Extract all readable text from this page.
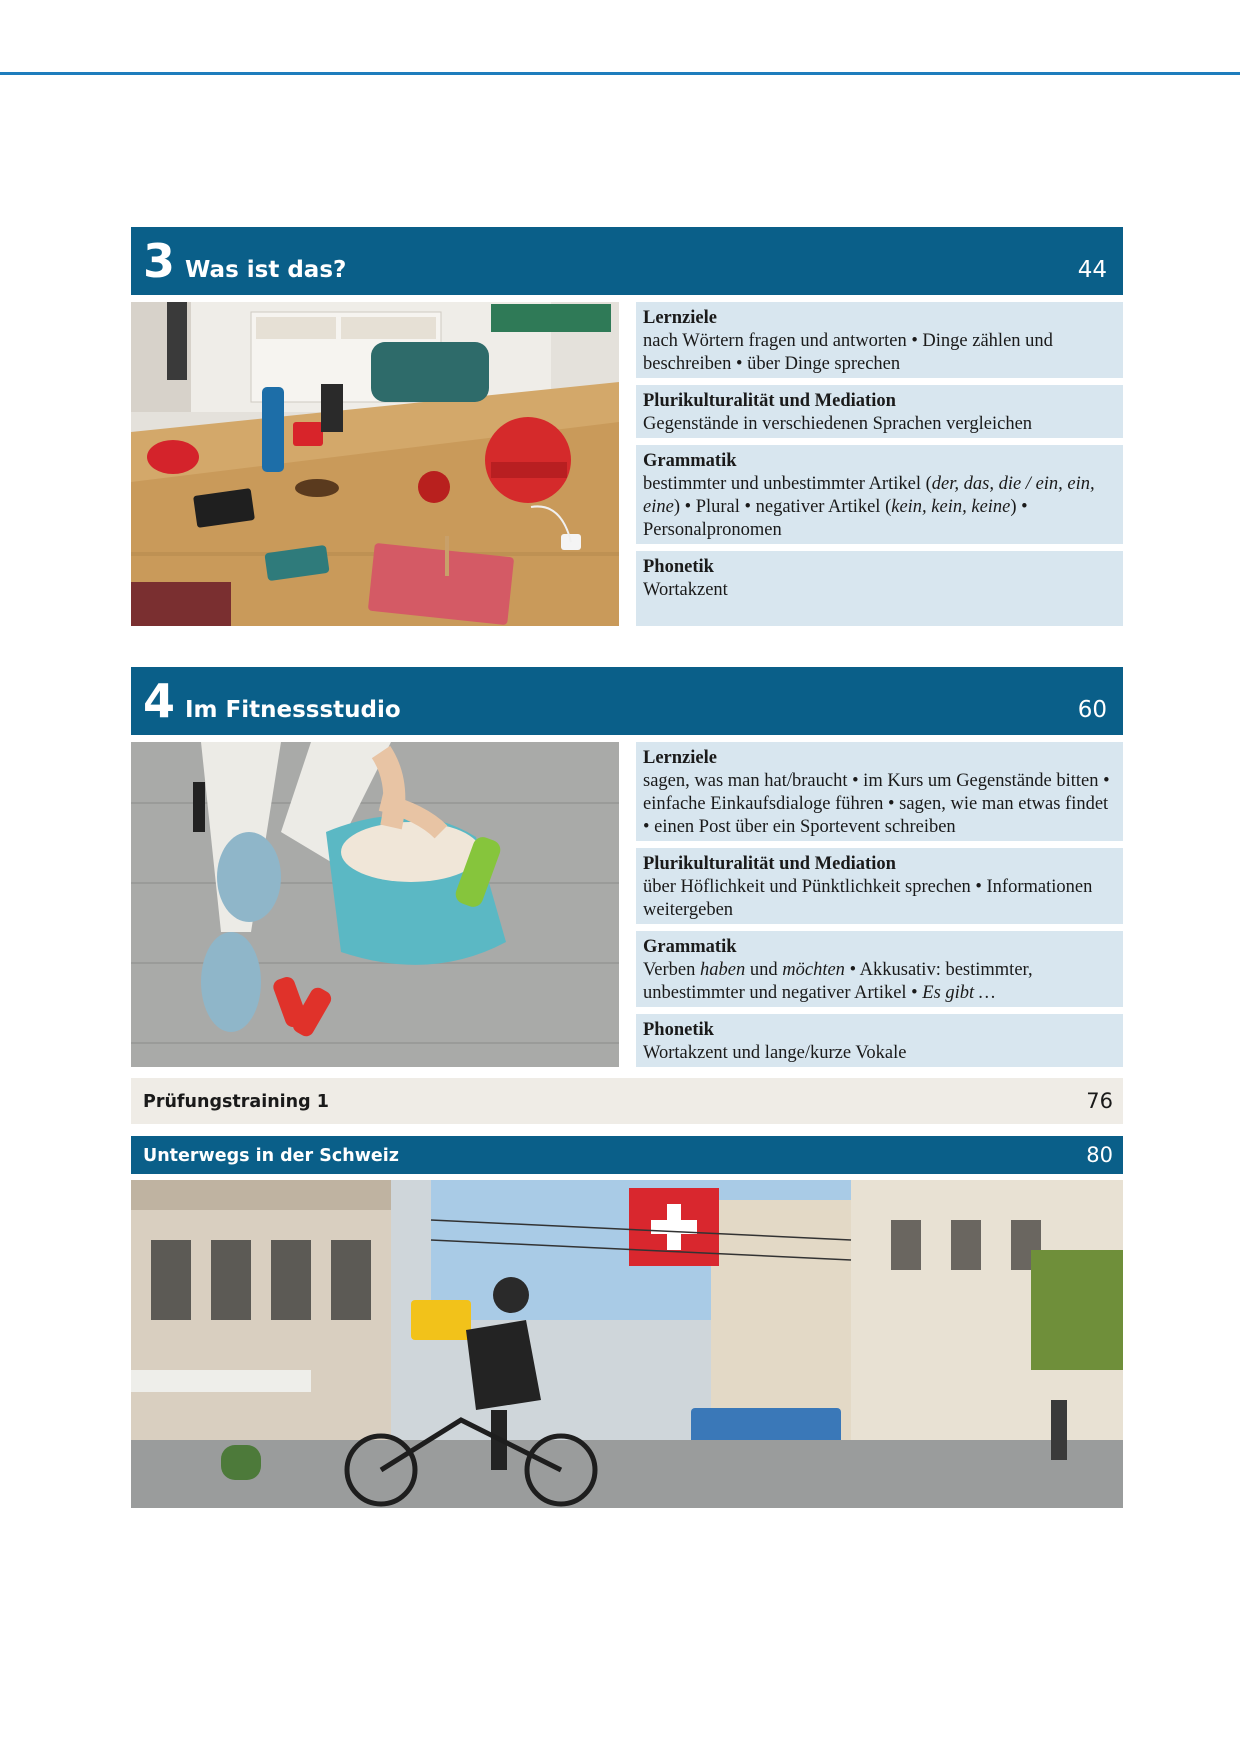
3 Was ist das?	44
Lernziele
nach Wörtern fragen und antworten • Dinge zählen und beschreiben • über Dinge sprechen
Plurikulturalität und Mediation
Gegenstände in verschiedenen Sprachen vergleichen
Grammatik
bestimmter und unbestimmter Artikel (der, das, die / ein, ein, eine) • Plural • negativer Artikel (kein, kein, keine) • Personalpronomen
Phonetik
Wortakzent
4 Im Fitnessstudio	60
Lernziele
sagen, was man hat/braucht • im Kurs um Gegenstände bitten • einfache Einkaufsdialoge führen • sagen, wie man etwas findet • einen Post über ein Sportevent schreiben
Plurikulturalität und Mediation
über Höflichkeit und Pünktlichkeit sprechen • Informationen weitergeben
Grammatik
Verben haben und möchten • Akkusativ: bestimmter, unbestimmter und negativer Artikel • Es gibt …
Phonetik
Wortakzent und lange/kurze Vokale
Prüfungstraining 1	76
Unterwegs in der Schweiz	80
